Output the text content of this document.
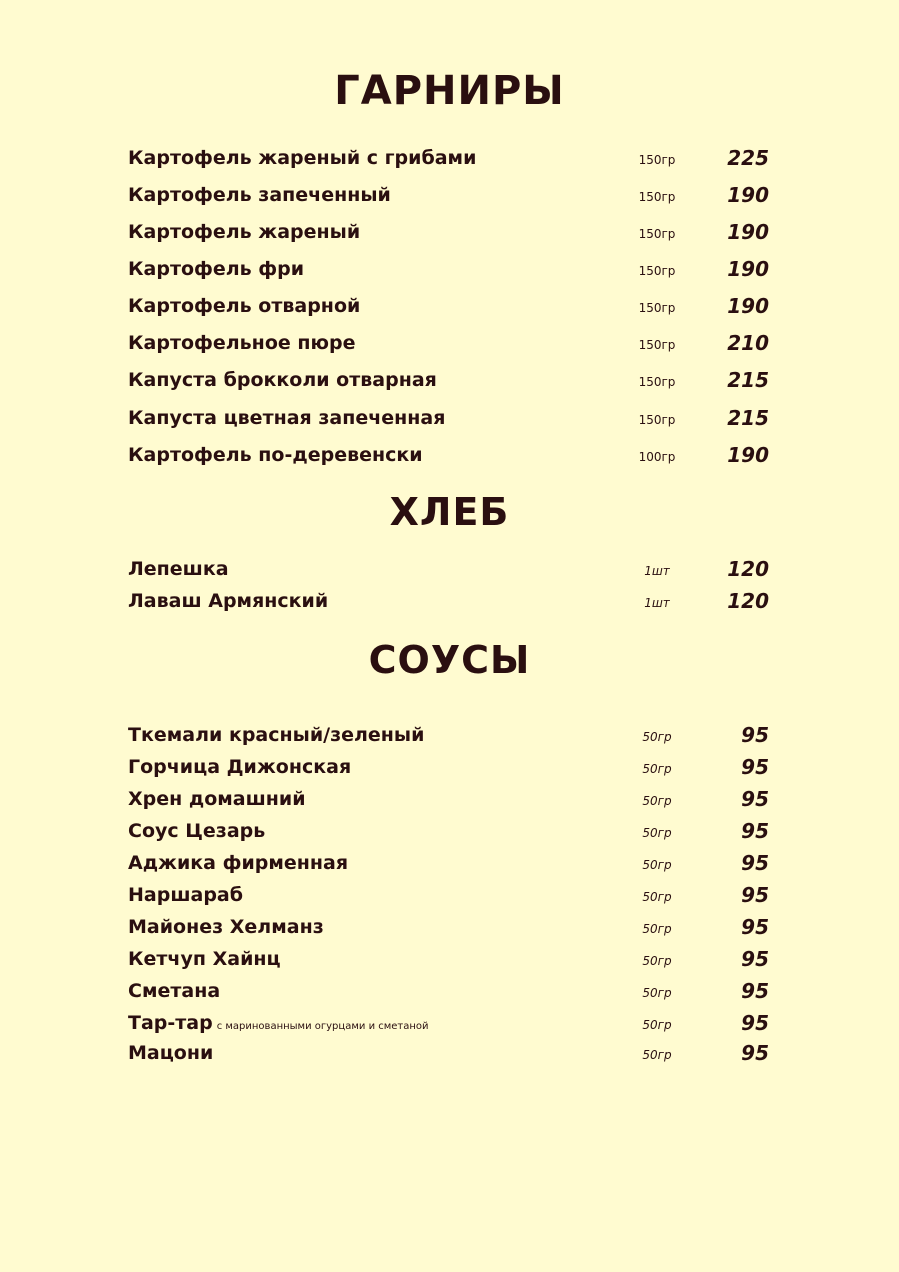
ГАРНИРЫ
Картофель жареный с грибами	150гр	225
Картофель запеченный	150гр	190
Картофель жареный	150гр	190
Картофель фри	150гр	190
Картофель отварной	150гр	190
Картофельное пюре	150гр	210
Капуста брокколи отварная	150гр	215
Капуста цветная запеченная	150гр	215
Картофель по-деревенски	100гр	190
ХЛЕБ
Лепешка	1шт	120
Лаваш Армянский	1шт	120
СОУСЫ
Ткемали красный/зеленый	50гр	95
Горчица Дижонская	50гр	95
Хрен домашний	50гр	95
Соус Цезарь	50гр	95
Аджика фирменная	50гр	95
Наршараб	50гр	95
Майонез Хелманз	50гр	95
Кетчуп Хайнц	50гр	95
Сметана	50гр	95
Тар-тар с маринованными огурцами и сметаной	50гр	95
Мацони	50гр	95
